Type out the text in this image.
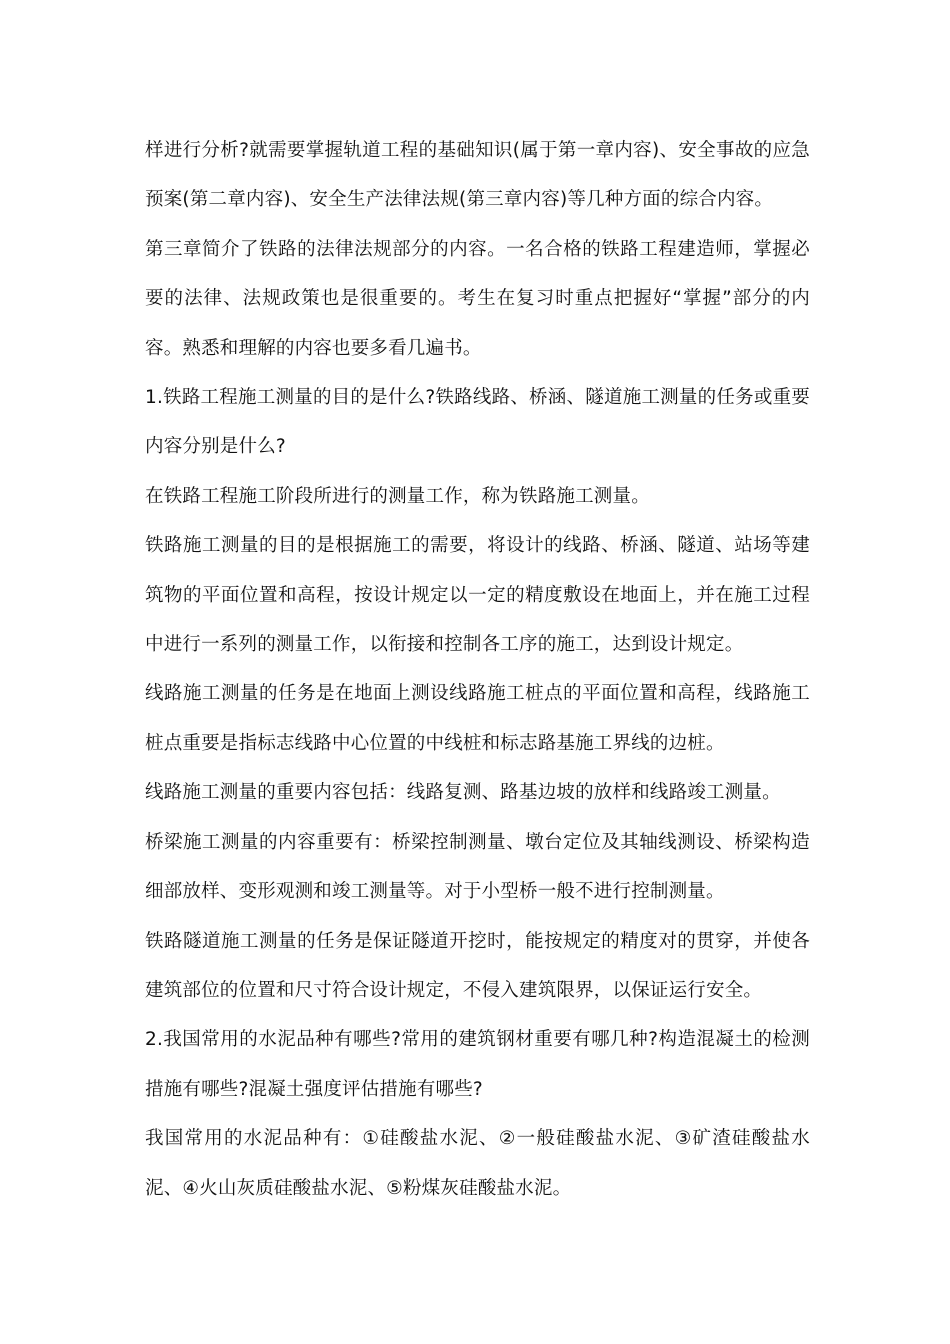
样进行分析?就需要掌握轨道工程的基础知识(属于第一章内容)、安全事故的应急预案(第二章内容)、安全生产法律法规(第三章内容)等几种方面的综合内容。

第三章简介了铁路的法律法规部分的内容。一名合格的铁路工程建造师，掌握必要的法律、法规政策也是很重要的。考生在复习时重点把握好“掌握”部分的内容。熟悉和理解的内容也要多看几遍书。

1.铁路工程施工测量的目的是什么?铁路线路、桥涵、隧道施工测量的任务或重要内容分别是什么?

在铁路工程施工阶段所进行的测量工作，称为铁路施工测量。

铁路施工测量的目的是根据施工的需要，将设计的线路、桥涵、隧道、站场等建筑物的平面位置和高程，按设计规定以一定的精度敷设在地面上，并在施工过程中进行一系列的测量工作，以衔接和控制各工序的施工，达到设计规定。

线路施工测量的任务是在地面上测设线路施工桩点的平面位置和高程，线路施工桩点重要是指标志线路中心位置的中线桩和标志路基施工界线的边桩。

线路施工测量的重要内容包括：线路复测、路基边坡的放样和线路竣工测量。

桥梁施工测量的内容重要有：桥梁控制测量、墩台定位及其轴线测设、桥梁构造细部放样、变形观测和竣工测量等。对于小型桥一般不进行控制测量。

铁路隧道施工测量的任务是保证隧道开挖时，能按规定的精度对的贯穿，并使各建筑部位的位置和尺寸符合设计规定，不侵入建筑限界，以保证运行安全。

2.我国常用的水泥品种有哪些?常用的建筑钢材重要有哪几种?构造混凝土的检测措施有哪些?混凝土强度评估措施有哪些?

我国常用的水泥品种有：①硅酸盐水泥、②一般硅酸盐水泥、③矿渣硅酸盐水泥、④火山灰质硅酸盐水泥、⑤粉煤灰硅酸盐水泥。
